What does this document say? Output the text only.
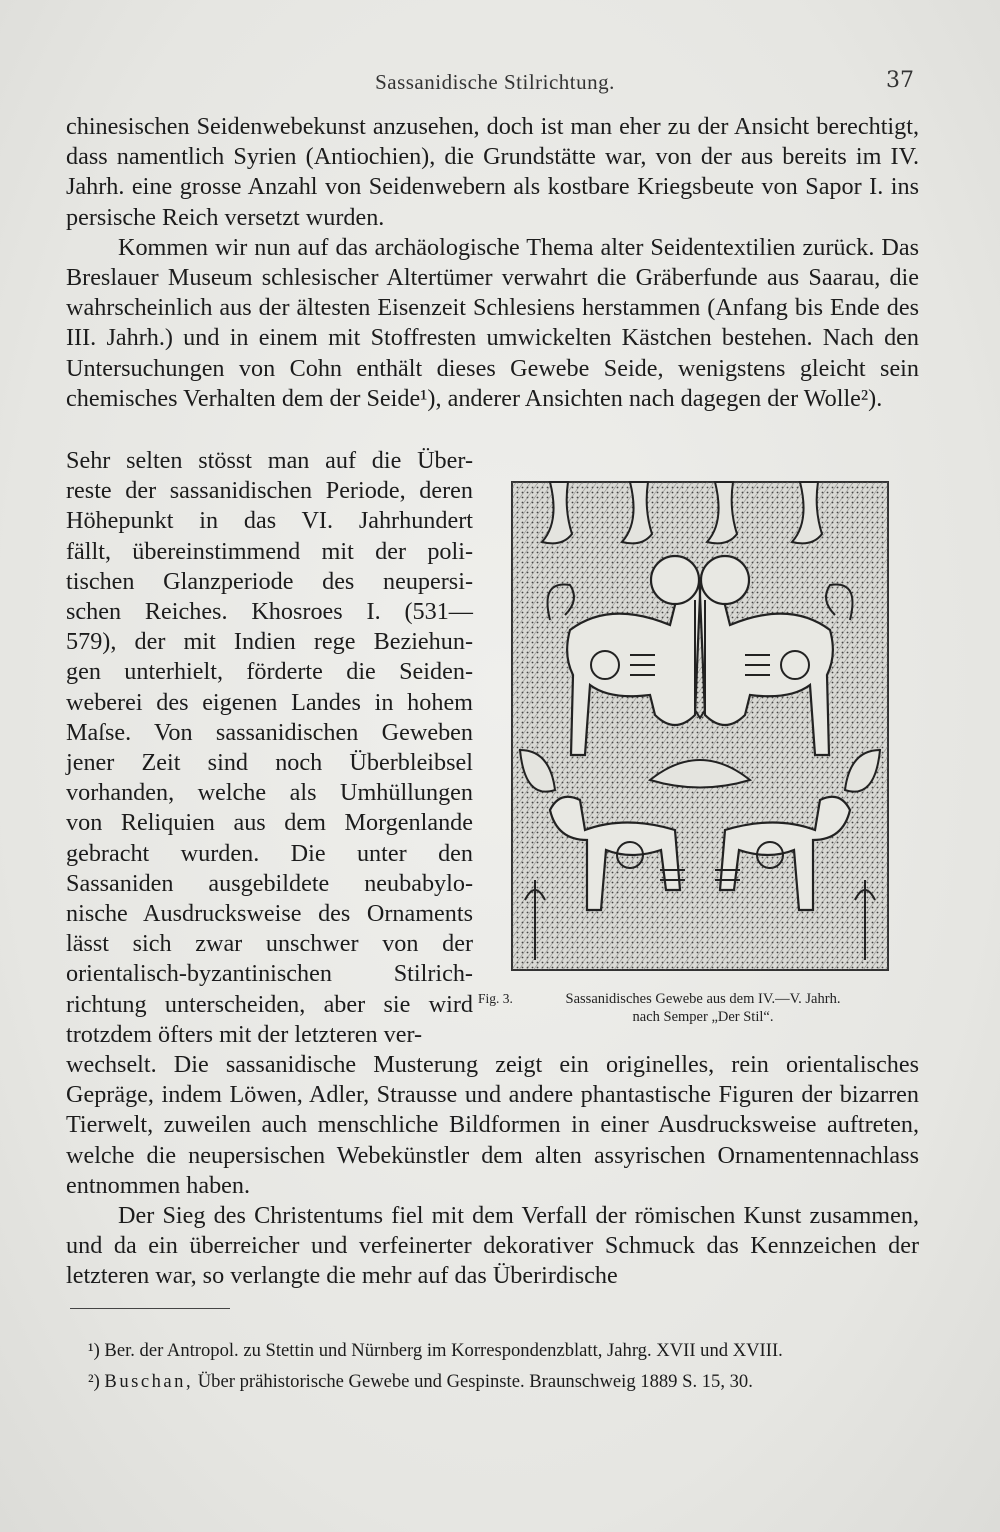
Sassanidische Stilrichtung.	37

chinesischen Seidenwebekunst anzusehen, doch ist man eher zu der Ansicht berechtigt, dass namentlich Syrien (Antiochien), die Grundstätte war, von der aus bereits im IV. Jahrh. eine grosse Anzahl von Seidenwebern als kostbare Kriegsbeute von Sapor I. ins persische Reich versetzt wurden.

Kommen wir nun auf das archäologische Thema alter Seidentextilien zurück. Das Breslauer Museum schlesischer Altertümer verwahrt die Gräberfunde aus Saarau, die wahrscheinlich aus der ältesten Eisenzeit Schlesiens herstammen (Anfang bis Ende des III. Jahrh.) und in einem mit Stoffresten umwickelten Kästchen bestehen. Nach den Untersuchungen von Cohn enthält dieses Gewebe Seide, wenigstens gleicht sein chemisches Verhalten dem der Seide¹), anderer Ansichten nach dagegen der Wolle²).

Sehr selten stösst man auf die Über-
reste der sassanidischen Periode, deren
Höhepunkt in das VI. Jahrhundert
fällt, übereinstimmend mit der poli-
tischen Glanzperiode des neupersi-
schen Reiches. Khosroes I. (531—
579), der mit Indien rege Beziehun-
gen unterhielt, förderte die Seiden-
weberei des eigenen Landes in hohem
Maſse. Von sassanidischen Geweben
jener Zeit sind noch Überbleibsel
vorhanden, welche als Umhüllungen
von Reliquien aus dem Morgenlande
gebracht wurden. Die unter den
Sassaniden ausgebildete neubabylo-
nische Ausdrucksweise des Ornaments
lässt sich zwar unschwer von der
orientalisch-byzantinischen Stilrich-
richtung unterscheiden, aber sie wird
trotzdem öfters mit der letzteren ver-
Fig. 3.	Sassanidisches Gewebe aus dem IV.—V. Jahrh.
nach Semper „Der Stil“.

wechselt. Die sassanidische Musterung zeigt ein originelles, rein orientalisches Gepräge, indem Löwen, Adler, Strausse und andere phantastische Figuren der bizarren Tierwelt, zuweilen auch menschliche Bildformen in einer Ausdrucksweise auftreten, welche die neupersischen Webekünstler dem alten assyrischen Ornamentennachlass entnommen haben.

Der Sieg des Christentums fiel mit dem Verfall der römischen Kunst zusammen, und da ein überreicher und verfeinerter dekorativer Schmuck das Kennzeichen der letzteren war, so verlangte die mehr auf das Überirdische

¹) Ber. der Antropol. zu Stettin und Nürnberg im Korrespondenzblatt, Jahrg. XVII und XVIII.

²) Buschan, Über prähistorische Gewebe und Gespinste. Braunschweig 1889 S. 15, 30.
